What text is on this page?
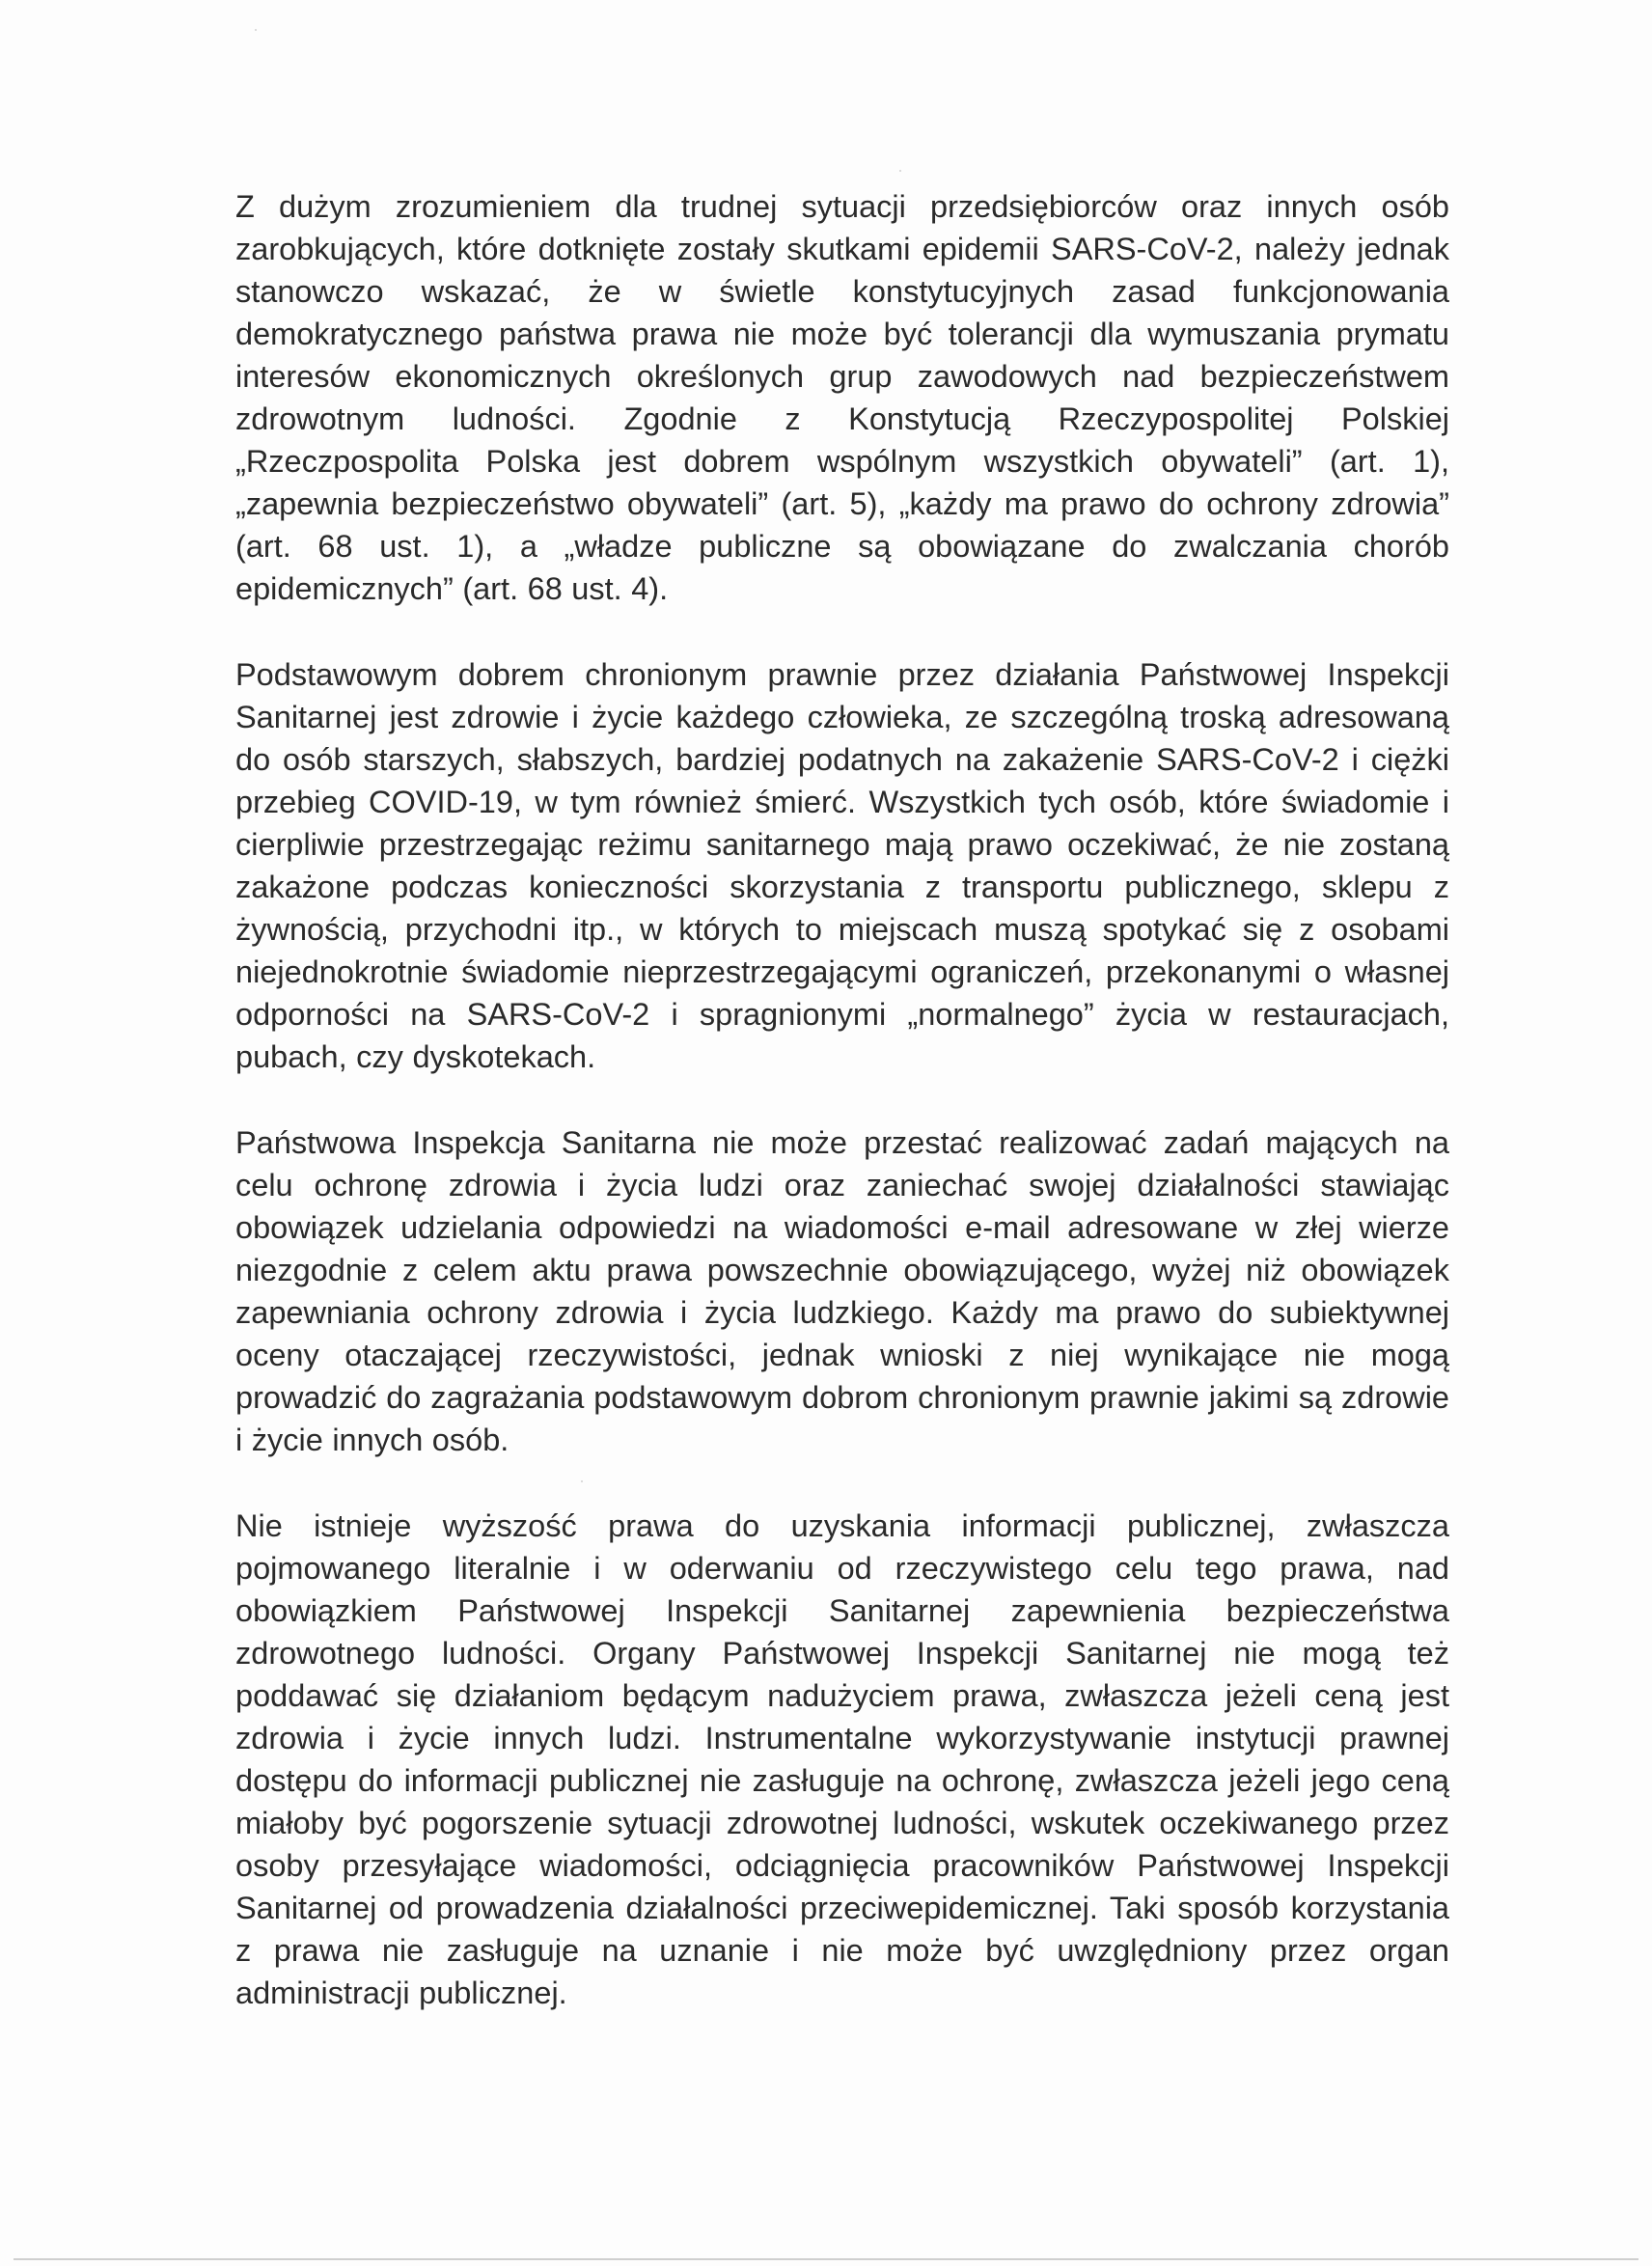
Z dużym zrozumieniem dla trudnej sytuacji przedsiębiorców oraz innych osób zarobkujących, które dotknięte zostały skutkami epidemii SARS-CoV-2, należy jednak stanowczo wskazać, że w świetle konstytucyjnych zasad funkcjonowania demokratycznego państwa prawa nie może być tolerancji dla wymuszania prymatu interesów ekonomicznych określonych grup zawodowych nad bezpieczeństwem zdrowotnym ludności. Zgodnie z Konstytucją Rzeczypospolitej Polskiej „Rzeczpospolita Polska jest dobrem wspólnym wszystkich obywateli” (art. 1), „zapewnia bezpieczeństwo obywateli” (art. 5), „każdy ma prawo do ochrony zdrowia” (art. 68 ust. 1), a „władze publiczne są obowiązane do zwalczania chorób epidemicznych” (art. 68 ust. 4).

Podstawowym dobrem chronionym prawnie przez działania Państwowej Inspekcji Sanitarnej jest zdrowie i życie każdego człowieka, ze szczególną troską adresowaną do osób starszych, słabszych, bardziej podatnych na zakażenie SARS-CoV-2 i ciężki przebieg COVID-19, w tym również śmierć. Wszystkich tych osób, które świadomie i cierpliwie przestrzegając reżimu sanitarnego mają prawo oczekiwać, że nie zostaną zakażone podczas konieczności skorzystania z transportu publicznego, sklepu z żywnością, przychodni itp., w których to miejscach muszą spotykać się z osobami niejednokrotnie świadomie nieprzestrzegającymi ograniczeń, przekonanymi o własnej odporności na SARS-CoV-2 i spragnionymi „normalnego” życia w restauracjach, pubach, czy dyskotekach.

Państwowa Inspekcja Sanitarna nie może przestać realizować zadań mających na celu ochronę zdrowia i życia ludzi oraz zaniechać swojej działalności stawiając obowiązek udzielania odpowiedzi na wiadomości e-mail adresowane w złej wierze niezgodnie z celem aktu prawa powszechnie obowiązującego, wyżej niż obowiązek zapewniania ochrony zdrowia i życia ludzkiego. Każdy ma prawo do subiektywnej oceny otaczającej rzeczywistości, jednak wnioski z niej wynikające nie mogą prowadzić do zagrażania podstawowym dobrom chronionym prawnie jakimi są zdrowie i życie innych osób.

Nie istnieje wyższość prawa do uzyskania informacji publicznej, zwłaszcza pojmowanego literalnie i w oderwaniu od rzeczywistego celu tego prawa, nad obowiązkiem Państwowej Inspekcji Sanitarnej zapewnienia bezpieczeństwa zdrowotnego ludności. Organy Państwowej Inspekcji Sanitarnej nie mogą też poddawać się działaniom będącym nadużyciem prawa, zwłaszcza jeżeli ceną jest zdrowia i życie innych ludzi. Instrumentalne wykorzystywanie instytucji prawnej dostępu do informacji publicznej nie zasługuje na ochronę, zwłaszcza jeżeli jego ceną miałoby być pogorszenie sytuacji zdrowotnej ludności, wskutek oczekiwanego przez osoby przesyłające wiadomości, odciągnięcia pracowników Państwowej Inspekcji Sanitarnej od prowadzenia działalności przeciwepidemicznej. Taki sposób korzystania z prawa nie zasługuje na uznanie i nie może być uwzględniony przez organ administracji publicznej.
